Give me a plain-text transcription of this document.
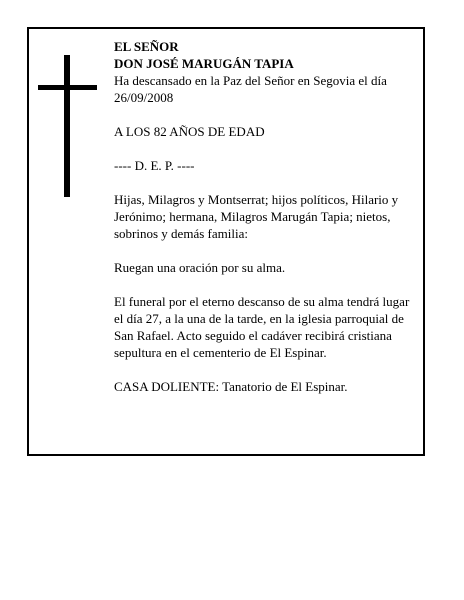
EL SEÑOR

DON JOSÉ MARUGÁN TAPIA

Ha descansado en la Paz del Señor en Segovia el día 26/09/2008

A LOS 82 AÑOS DE EDAD

---- D. E. P. ----

Hijas, Milagros y Montserrat; hijos políticos, Hilario y Jerónimo; hermana, Milagros Marugán Tapia; nietos, sobrinos y demás familia:

Ruegan una oración por su alma.

El funeral por el eterno descanso de su alma tendrá lugar el día 27, a la una de la tarde, en la iglesia parroquial de San Rafael. Acto seguido el cadáver recibirá cristiana sepultura en el cementerio de El Espinar.

CASA DOLIENTE: Tanatorio de El Espinar.
